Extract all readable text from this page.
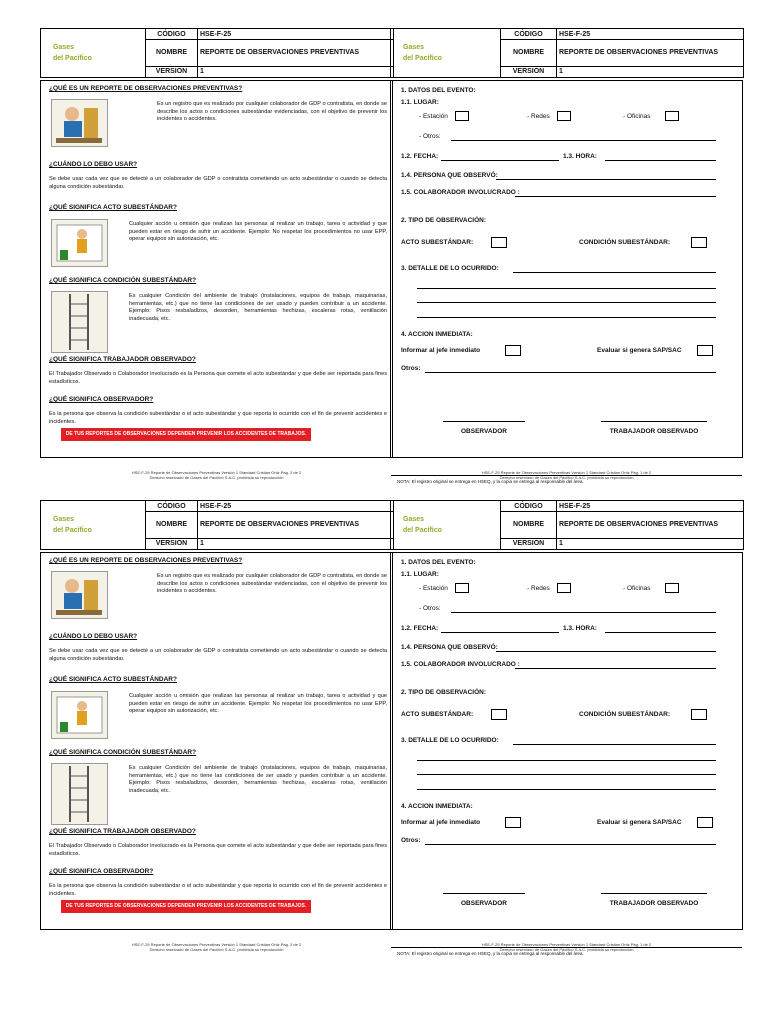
Gases
del Pacífico	CÓDIGO	HSE-F-25
	NOMBRE	REPORTE DE OBSERVACIONES PREVENTIVAS
	VERSIÓN	1
¿QUÉ ES UN REPORTE DE OBSERVACIONES PREVENTIVAS?
Es un registro que es realizado por cualquier colaborador de GDP o contratista, en donde se describe los actos o condiciones subestándar evidenciadas, con el objetivo de prevenir los incidentes o accidentes.
¿CUÁNDO LO DEBO USAR?
Se debe usar cada vez que se detecté a un colaborador de GDP o contratista cometiendo un acto subestándar o cuando se detecta alguna condición subestándar.
¿QUÉ SIGNIFICA ACTO SUBESTÁNDAR?
Cualquier acción u omisión que realizan las personas al realizar un trabajo, tarea o actividad y que pueden estar en riesgo de sufrir un accidente. Ejemplo: No respetar los procedimientos no usar EPP, operar equipos sin autorización, etc.
¿QUÉ SIGNIFICA CONDICIÓN SUBESTÁNDAR?
Es cualquier Condición del ambiente de trabajo (instalaciones, equipos de trabajo, maquinarias, herramientas, etc.) que no tiene las condiciones de ser usado y pueden contribuir a un accidente. Ejemplo: Pisos resbaladizos, desorden, herramientas hechizas, escaleras rotas, ventilación inadecuada, etc.
¿QUÉ SIGNIFICA TRABAJADOR OBSERVADO?
El Trabajador Observado o Colaborador involucrado es la Persona que comete el acto subestándar y que debe ser reportada para fines estadísticos.
¿QUÉ SIGNIFICA OBSERVADOR?
Es la persona que observa la condición subestándar o el acto subestándar y que reporta lo ocurrido con el fin de prevenir accidentes e incidentes.
DE TUS REPORTES DE OBSERVACIONES DEPENDEN PREVENIR LOS ACCIDENTES DE TRABAJOS.
HSE-F-25 Reporte de Observaciones Preventivas Versión 1 Standard Cristian Ortiz Pág. 2 de 2
Derecho reservado de Gases del Pacífico S.A.C. prohibida su reproducción
Gases
del Pacífico	CÓDIGO	HSE-F-25
	NOMBRE	REPORTE DE OBSERVACIONES PREVENTIVAS
	VERSIÓN	1
1. DATOS DEL EVENTO:
1.1. LUGAR:
- Estación	- Redes	- Oficinas
- Otros:
1.2. FECHA:	1.3. HORA:
1.4. PERSONA QUE OBSERVÓ:
1.5. COLABORADOR INVOLUCRADO :
2. TIPO DE OBSERVACIÓN:
ACTO SUBESTÁNDAR:	CONDICIÓN SUBESTÁNDAR:
3. DETALLE DE LO OCURRIDO:
4. ACCION INMEDIATA:
Informar al jefe inmediato	Evaluar si genera SAP/SAC
Otros:
OBSERVADOR	TRABAJADOR OBSERVADO
NOTA: El registro original se entrega en HSEQ, y la copia se entrega al responsable del área.
HSE-F-25 Reporte de Observaciones Preventivas Versión 1 Standard Cristian Ortiz Pág. 1 de 2
Derecho reservado de Gases del Pacífico S.A.C. prohibida su reproducción
Gases
del Pacífico	CÓDIGO	HSE-F-25
	NOMBRE	REPORTE DE OBSERVACIONES PREVENTIVAS
	VERSIÓN	1
¿QUÉ ES UN REPORTE DE OBSERVACIONES PREVENTIVAS?
Es un registro que es realizado por cualquier colaborador de GDP o contratista, en donde se describe los actos o condiciones subestándar evidenciadas, con el objetivo de prevenir los incidentes o accidentes.
¿CUÁNDO LO DEBO USAR?
Se debe usar cada vez que se detecté a un colaborador de GDP o contratista cometiendo un acto subestándar o cuando se detecta alguna condición subestándar.
¿QUÉ SIGNIFICA ACTO SUBESTÁNDAR?
Cualquier acción u omisión que realizan las personas al realizar un trabajo, tarea o actividad y que pueden estar en riesgo de sufrir un accidente. Ejemplo: No respetar los procedimientos no usar EPP, operar equipos sin autorización, etc.
¿QUÉ SIGNIFICA CONDICIÓN SUBESTÁNDAR?
Es cualquier Condición del ambiente de trabajo (instalaciones, equipos de trabajo, maquinarias, herramientas, etc.) que no tiene las condiciones de ser usado y pueden contribuir a un accidente. Ejemplo: Pisos resbaladizos, desorden, herramientas hechizas, escaleras rotas, ventilación inadecuada, etc.
¿QUÉ SIGNIFICA TRABAJADOR OBSERVADO?
El Trabajador Observado o Colaborador involucrado es la Persona que comete el acto subestándar y que debe ser reportada para fines estadísticos.
¿QUÉ SIGNIFICA OBSERVADOR?
Es la persona que observa la condición subestándar o el acto subestándar y que reporta lo ocurrido con el fin de prevenir accidentes e incidentes.
DE TUS REPORTES DE OBSERVACIONES DEPENDEN PREVENIR LOS ACCIDENTES DE TRABAJOS.
HSE-F-25 Reporte de Observaciones Preventivas Versión 1 Standard Cristian Ortiz Pág. 2 de 2
Derecho reservado de Gases del Pacífico S.A.C. prohibida su reproducción
Gases
del Pacífico	CÓDIGO	HSE-F-25
	NOMBRE	REPORTE DE OBSERVACIONES PREVENTIVAS
	VERSIÓN	1
1. DATOS DEL EVENTO:
1.1. LUGAR:
- Estación	- Redes	- Oficinas
- Otros:
1.2. FECHA:	1.3. HORA:
1.4. PERSONA QUE OBSERVÓ:
1.5. COLABORADOR INVOLUCRADO :
2. TIPO DE OBSERVACIÓN:
ACTO SUBESTÁNDAR:	CONDICIÓN SUBESTÁNDAR:
3. DETALLE DE LO OCURRIDO:
4. ACCION INMEDIATA:
Informar al jefe inmediato	Evaluar si genera SAP/SAC
Otros:
OBSERVADOR	TRABAJADOR OBSERVADO
NOTA: El registro original se entrega en HSEQ, y la copia se entrega al responsable del área.
HSE-F-25 Reporte de Observaciones Preventivas Versión 1 Standard Cristian Ortiz Pág. 1 de 2
Derecho reservado de Gases del Pacífico S.A.C. prohibida su reproducción
